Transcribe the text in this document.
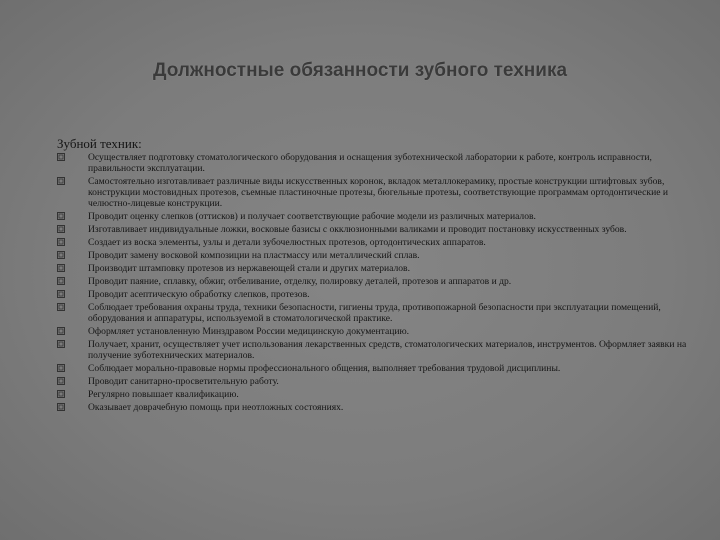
Должностные обязанности зубного техника
Зубной техник:
Осуществляет подготовку стоматологического оборудования и оснащения зуботехнической лаборатории к работе, контроль исправности, правильности эксплуатации.
Самостоятельно изготавливает различные виды искусственных коронок, вкладок металлокерамику, простые конструкции штифтовых зубов, конструкции мостовидных протезов, съемные пластиночные протезы, бюгельные протезы, соответствующие программам ортодонтические и челюстно-лицевые конструкции.
Проводит оценку слепков (оттисков) и получает соответствующие рабочие модели из различных материалов.
Изготавливает индивидуальные ложки, восковые базисы с окклюзионными валиками и проводит постановку искусственных зубов.
Создает из воска элементы, узлы и детали зубочелюстных протезов, ортодонтических аппаратов.
Проводит замену восковой композиции на пластмассу или металлический сплав.
Производит штамповку протезов из нержавеющей стали и других материалов.
Проводит паяние, сплавку, обжиг, отбеливание, отделку, полировку деталей, протезов и аппаратов и др.
Проводит асептическую обработку слепков, протезов.
Соблюдает требования охраны труда, техники безопасности, гигиены труда, противопожарной безопасности при эксплуатации помещений, оборудования и аппаратуры, используемой в стоматологической практике.
Оформляет установленную Минздравом России медицинскую документацию.
Получает, хранит, осуществляет учет использования лекарственных средств, стоматологических материалов, инструментов. Оформляет заявки на получение зуботехнических материалов.
Соблюдает морально-правовые нормы профессионального общения, выполняет требования трудовой дисциплины.
Проводит санитарно-просветительную работу.
Регулярно повышает квалификацию.
Оказывает доврачебную помощь при неотложных состояниях.
